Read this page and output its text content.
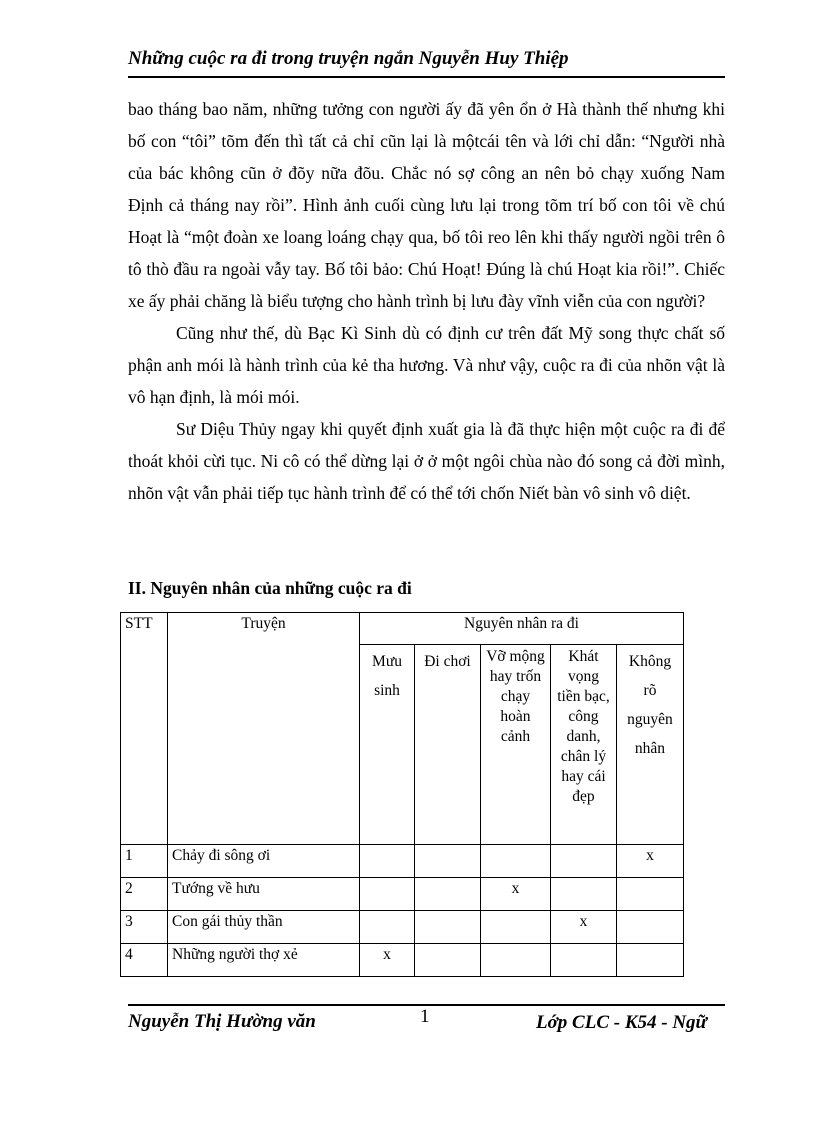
Những cuộc ra đi trong truyện ngắn Nguyễn Huy Thiệp

bao tháng bao năm, những tưởng con người ấy đã yên ổn ở Hà thành thế nhưng khi bố con “tôi” tõm đến thì tất cả chỉ cũn lại là mộtcái tên và lới chỉ dẫn: “Người nhà của bác không cũn ở đõy nữa đõu. Chắc nó sợ công an nên bỏ chạy xuống Nam Định cả tháng nay rồi”. Hình ảnh cuối cùng lưu lại trong tõm trí bố con tôi về chú Hoạt là “một đoàn xe loang loáng chạy qua, bố tôi reo lên khi thấy người ngồi trên ô tô thò đầu ra ngoài vẫy tay. Bố tôi bảo: Chú Hoạt! Đúng là chú Hoạt kia rồi!”. Chiếc xe ấy phải chăng là biểu tượng cho hành trình bị lưu đày vĩnh viễn của con người?

Cũng như thế, dù Bạc Kì Sinh dù có định cư trên đất Mỹ song thực chất số phận anh mói là hành trình của kẻ tha hương. Và như vậy, cuộc ra đi của nhõn vật là vô hạn định, là mói mói.

Sư Diệu Thủy ngay khi quyết định xuất gia là đã thực hiện một cuộc ra đi để thoát khỏi cừi tục. Ni cô có thể dừng lại ở ở một ngôi chùa nào đó song cả đời mình, nhõn vật vẫn phải tiếp tục hành trình để có thể tới chốn Niết bàn vô sinh vô diệt.

II. Nguyên nhân của những cuộc ra đi
STT	Truyện	Nguyên nhân ra đi				
		Mưu sinh	Đi chơi	Vỡ mộng hay trốn chạy hoàn cảnh	Khát vọng tiền bạc, công danh, chân lý hay cái đẹp	Không rõ nguyên nhân
1	Chảy đi sông ơi					x
2	Tướng về hưu			x		
3	Con gái thủy thần				x	
4	Những người thợ xẻ	x				
Nguyễn Thị Hường văn	1	Lớp CLC - K54 - Ngữ
